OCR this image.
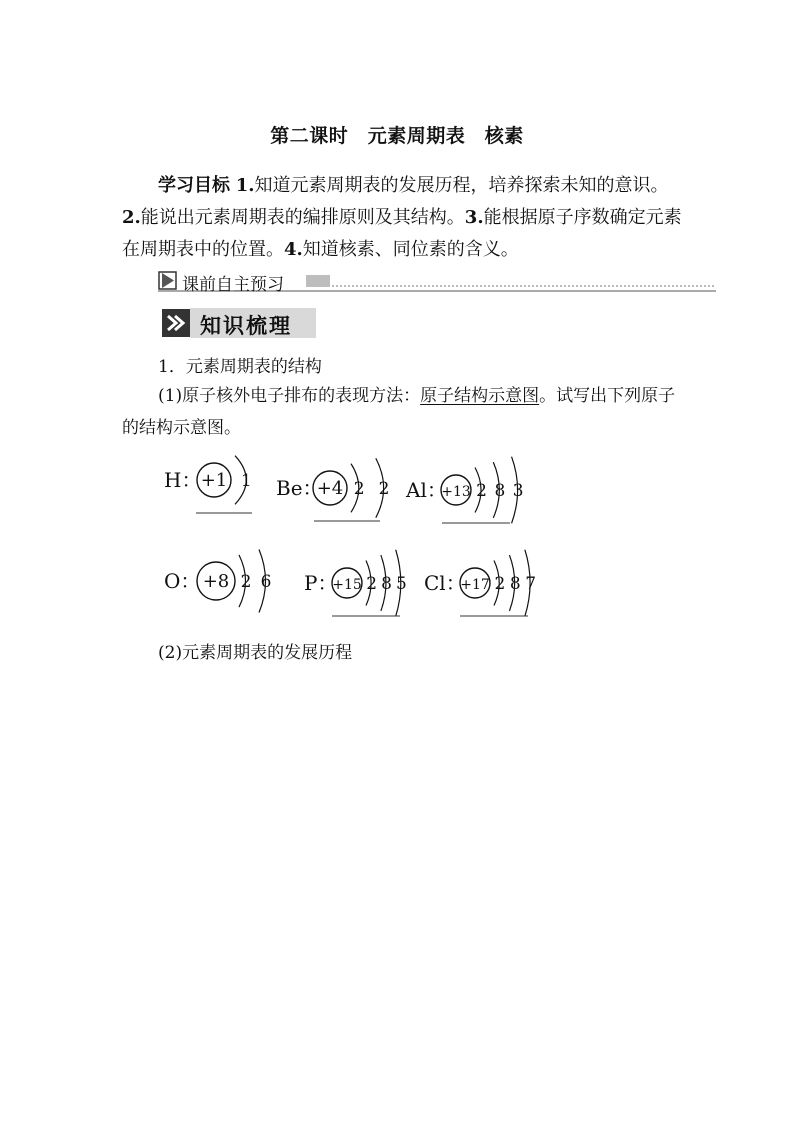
第二课时　元素周期表　核素

学习目标 1.知道元素周期表的发展历程，培养探索未知的意识。2.能说出元素周期表的编排原则及其结构。3.能根据原子序数确定元素在周期表中的位置。4.知道核素、同位素的含义。

课前自主预习
知识梳理
1．元素周期表的结构

(1)原子核外电子排布的表现方法：原子结构示意图。试写出下列原子的结构示意图。

H： +1 1 Be：
+4 2 2 Al：
+13 2 8 3
O： +8 2 6 P：
+15 2 8 5 Cl：
+17 2 8 7
(2)元素周期表的发展历程
